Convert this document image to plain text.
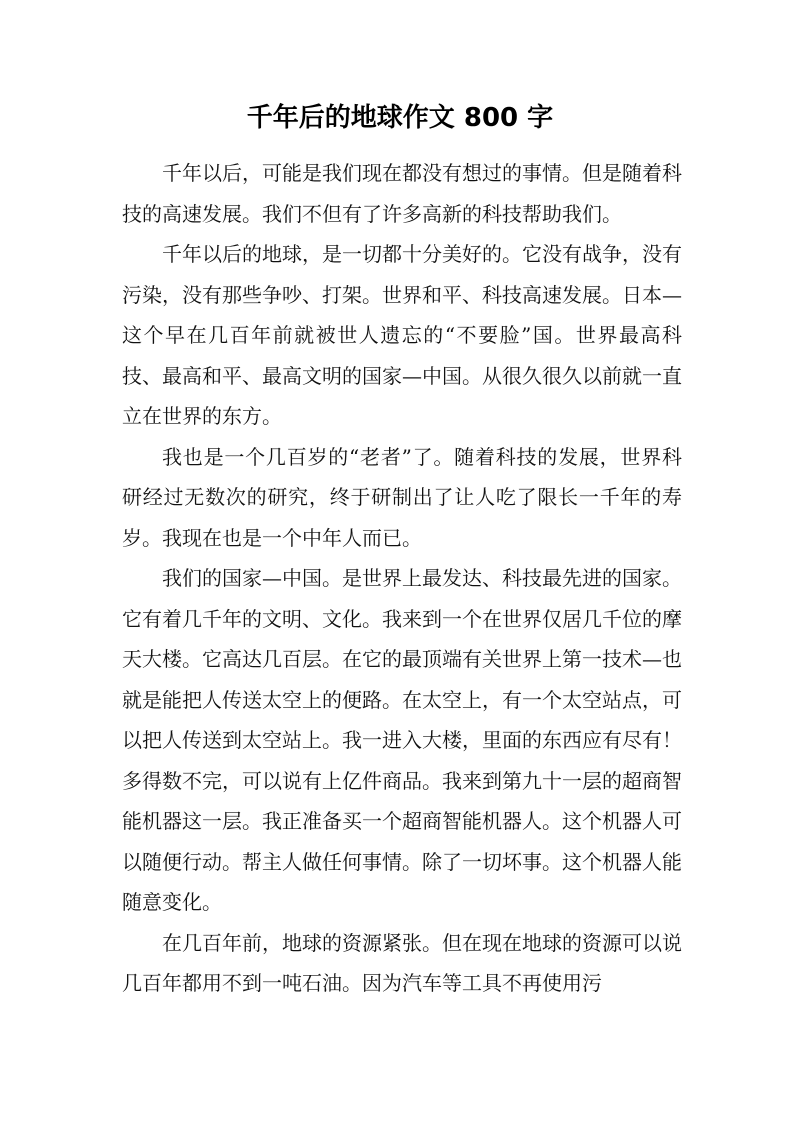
千年后的地球作文 800 字

千年以后，可能是我们现在都没有想过的事情。但是随着科技的高速发展。我们不但有了许多高新的科技帮助我们。

千年以后的地球，是一切都十分美好的。它没有战争，没有污染，没有那些争吵、打架。世界和平、科技高速发展。日本—这个早在几百年前就被世人遗忘的“不要脸”国。世界最高科技、最高和平、最高文明的国家—中国。从很久很久以前就一直立在世界的东方。

我也是一个几百岁的“老者”了。随着科技的发展，世界科研经过无数次的研究，终于研制出了让人吃了限长一千年的寿岁。我现在也是一个中年人而已。

我们的国家—中国。是世界上最发达、科技最先进的国家。它有着几千年的文明、文化。我来到一个在世界仅居几千位的摩天大楼。它高达几百层。在它的最顶端有关世界上第一技术—也就是能把人传送太空上的便路。在太空上，有一个太空站点，可以把人传送到太空站上。我一进入大楼，里面的东西应有尽有！多得数不完，可以说有上亿件商品。我来到第九十一层的超商智能机器这一层。我正准备买一个超商智能机器人。这个机器人可以随便行动。帮主人做任何事情。除了一切坏事。这个机器人能随意变化。

在几百年前，地球的资源紧张。但在现在地球的资源可以说几百年都用不到一吨石油。因为汽车等工具不再使用污
